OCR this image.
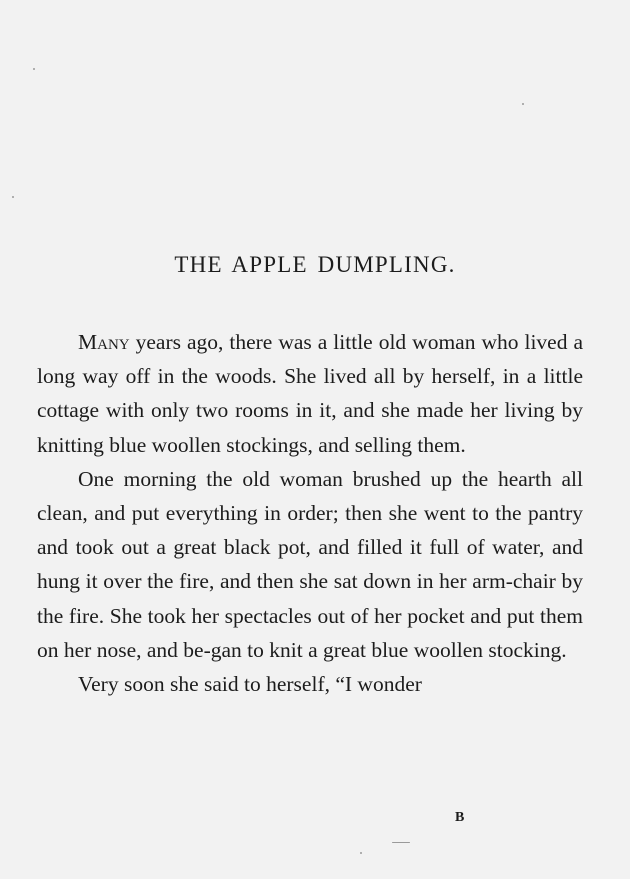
THE APPLE DUMPLING.

Many years ago, there was a little old woman who lived a long way off in the woods. She lived all by herself, in a little cottage with only two rooms in it, and she made her living by knitting blue woollen stockings, and selling them.

One morning the old woman brushed up the hearth all clean, and put everything in order; then she went to the pantry and took out a great black pot, and filled it full of water, and hung it over the fire, and then she sat down in her arm-chair by the fire. She took her spectacles out of her pocket and put them on her nose, and be-gan to knit a great blue woollen stocking.

Very soon she said to herself, “I wonder

B
